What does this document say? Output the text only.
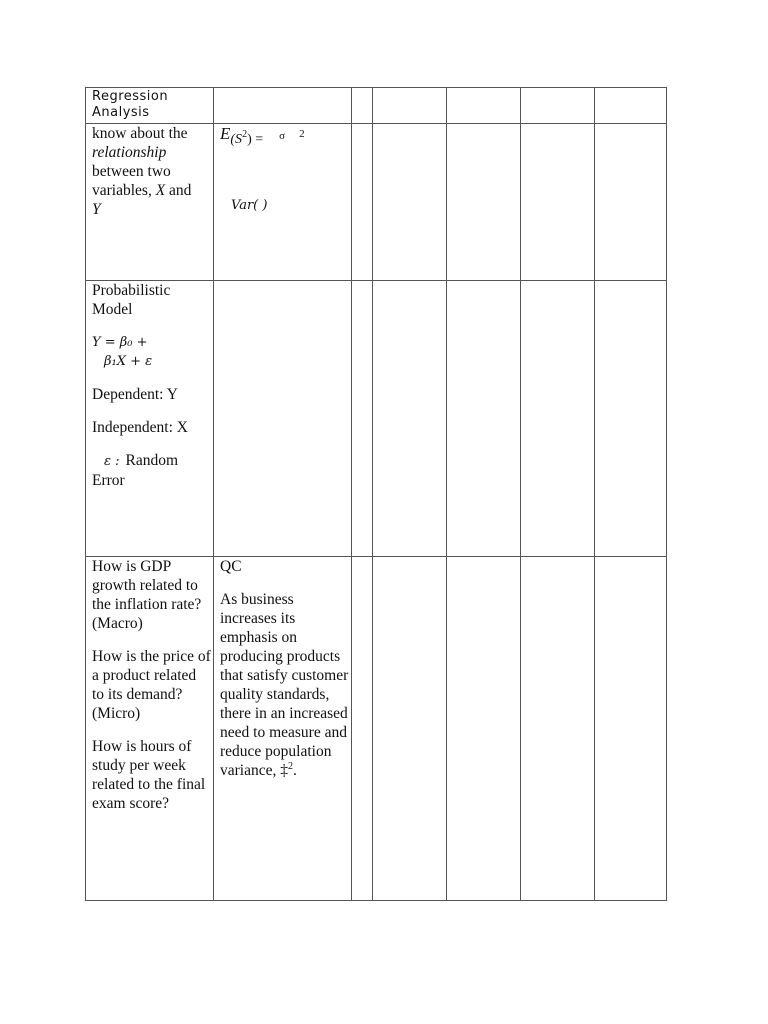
Regression Analysis
know about the
relationship
between two variables, X and
Y
$E(S^2) = \sigma$ 2
Var( )

Probabilistic Model

Y = β₀ +

β₁X + ε

Dependent: Y

Independent: X

ε : Random Error

How is GDP growth related to the inflation rate? (Macro)

How is the price of a product related to its demand? (Micro)

How is hours of study per week related to the final exam score?

QC

As business increases its emphasis on producing products that satisfy customer quality standards, there in an increased need to measure and reduce population variance, ‡$^2$.
